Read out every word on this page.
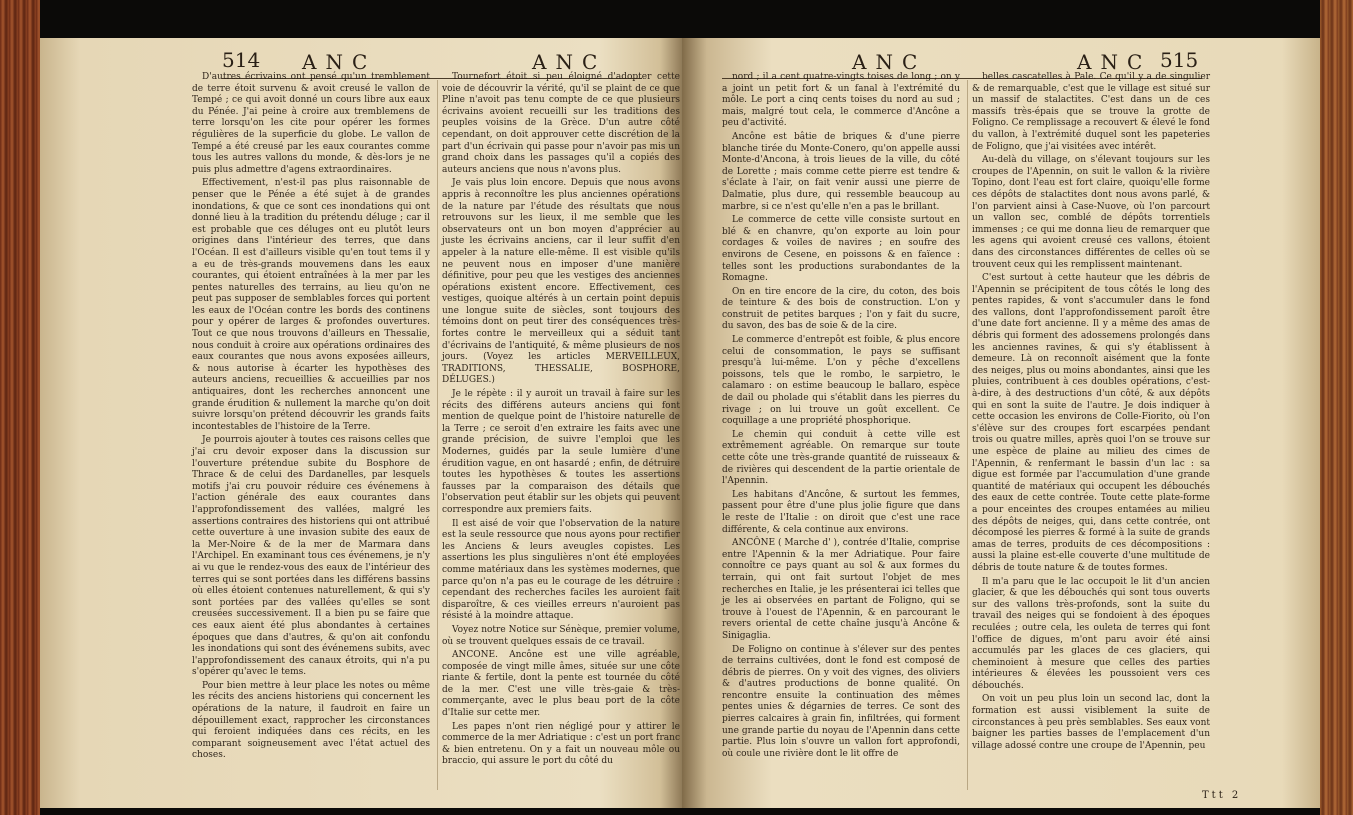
514 ANC	ANC

D'autres écrivains ont pensé qu'un tremblement de terre étoit survenu & avoit creusé le vallon de Tempé ; ce qui avoit donné un cours libre aux eaux du Pénée. J'ai peine à croire aux tremblemens de terre lorsqu'on les cite pour opérer les formes régulières de la superficie du globe. Le vallon de Tempé a été creusé par les eaux courantes comme tous les autres vallons du monde, & dès-lors je ne puis plus admettre d'agens extraordinaires.

Effectivement, n'est-il pas plus raisonnable de penser que le Pénée a été sujet à de grandes inondations, & que ce sont ces inondations qui ont donné lieu à la tradition du prétendu déluge ; car il est probable que ces déluges ont eu plutôt leurs origines dans l'intérieur des terres, que dans l'Océan. Il est d'ailleurs visible qu'en tout tems il y a eu de très-grands mouvemens dans les eaux courantes, qui étoient entraînées à la mer par les pentes naturelles des terrains, au lieu qu'on ne peut pas supposer de semblables forces qui portent les eaux de l'Océan contre les bords des continens pour y opérer de larges & profondes ouvertures. Tout ce que nous trouvons d'ailleurs en Thessalie, nous conduit à croire aux opérations ordinaires des eaux courantes que nous avons exposées ailleurs, & nous autorise à écarter les hypothèses des auteurs anciens, recueillies & accueillies par nos antiquaires, dont les recherches annoncent une grande érudition & nullement la marche qu'on doit suivre lorsqu'on prétend découvrir les grands faits incontestables de l'histoire de la Terre.

Je pourrois ajouter à toutes ces raisons celles que j'ai cru devoir exposer dans la discussion sur l'ouverture prétendue subite du Bosphore de Thrace & de celui des Dardanelles, par lesquels motifs j'ai cru pouvoir réduire ces événemens à l'action générale des eaux courantes dans l'approfondissement des vallées, malgré les assertions contraires des historiens qui ont attribué cette ouverture à une invasion subite des eaux de la Mer-Noire & de la mer de Marmara dans l'Archipel. En examinant tous ces événemens, je n'y ai vu que le rendez-vous des eaux de l'intérieur des terres qui se sont portées dans les différens bassins où elles étoient contenues naturellement, & qui s'y sont portées par des vallées qu'elles se sont creusées successivement. Il a bien pu se faire que ces eaux aient été plus abondantes à certaines époques que dans d'autres, & qu'on ait confondu les inondations qui sont des événemens subits, avec l'approfondissement des canaux étroits, qui n'a pu s'opérer qu'avec le tems.

Pour bien mettre à leur place les notes ou même les récits des anciens historiens qui concernent les opérations de la nature, il faudroit en faire un dépouillement exact, rapprocher les circonstances qui feroient indiquées dans ces récits, en les comparant soigneusement avec l'état actuel des choses.

Tournefort étoit si peu éloigné d'adopter cette voie de découvrir la vérité, qu'il se plaint de ce que Pline n'avoit pas tenu compte de ce que plusieurs écrivains avoient recueilli sur les traditions des peuples voisins de la Grèce. D'un autre côté cependant, on doit approuver cette discrétion de la part d'un écrivain qui passe pour n'avoir pas mis un grand choix dans les passages qu'il a copiés des auteurs anciens que nous n'avons plus.

Je vais plus loin encore. Depuis que nous avons appris à reconnoître les plus anciennes opérations de la nature par l'étude des résultats que nous retrouvons sur les lieux, il me semble que les observateurs ont un bon moyen d'apprécier au juste les écrivains anciens, car il leur suffit d'en appeler à la nature elle-même. Il est visible qu'ils ne peuvent nous en imposer d'une manière définitive, pour peu que les vestiges des anciennes opérations existent encore. Effectivement, ces vestiges, quoique altérés à un certain point depuis une longue suite de siècles, sont toujours des témoins dont on peut tirer des conséquences très-fortes contre le merveilleux qui a séduit tant d'écrivains de l'antiquité, & même plusieurs de nos jours. (Voyez les articles MERVEILLEUX, TRADITIONS, THESSALIE, BOSPHORE, DÉLUGES.)

Je le répète : il y auroit un travail à faire sur les récits des différens auteurs anciens qui font mention de quelque point de l'histoire naturelle de la Terre ; ce seroit d'en extraire les faits avec une grande précision, de suivre l'emploi que les Modernes, guidés par la seule lumière d'une érudition vague, en ont hasardé ; enfin, de détruire toutes les hypothèses & toutes les assertions fausses par la comparaison des détails que l'observation peut établir sur les objets qui peuvent correspondre aux premiers faits.

Il est aisé de voir que l'observation de la nature est la seule ressource que nous ayons pour rectifier les Anciens & leurs aveugles copistes. Les assertions les plus singulières n'ont été employées comme matériaux dans les systèmes modernes, que parce qu'on n'a pas eu le courage de les détruire : cependant des recherches faciles les auroient fait disparoître, & ces vieilles erreurs n'auroient pas résisté à la moindre attaque.

Voyez notre Notice sur Sénèque, premier volume, où se trouvent quelques essais de ce travail.

ANCONE. Ancône est une ville agréable, composée de vingt mille âmes, située sur une côte riante & fertile, dont la pente est tournée du côté de la mer. C'est une ville très-gaie & très-commerçante, avec le plus beau port de la côte d'Italie sur cette mer.

Les papes n'ont rien négligé pour y attirer le commerce de la mer Adriatique : c'est un port franc & bien entretenu. On y a fait un nouveau môle ou braccio, qui assure le port du côté du

ANC	ANC 515

nord ; il a cent quatre-vingts toises de long ; on y a joint un petit fort & un fanal à l'extrémité du môle. Le port a cinq cents toises du nord au sud ; mais, malgré tout cela, le commerce d'Ancône a peu d'activité.

Ancône est bâtie de briques & d'une pierre blanche tirée du Monte-Conero, qu'on appelle aussi Monte-d'Ancona, à trois lieues de la ville, du côté de Lorette ; mais comme cette pierre est tendre & s'éclate à l'air, on fait venir aussi une pierre de Dalmatie, plus dure, qui ressemble beaucoup au marbre, si ce n'est qu'elle n'en a pas le brillant.

Le commerce de cette ville consiste surtout en blé & en chanvre, qu'on exporte au loin pour cordages & voiles de navires ; en soufre des environs de Cesene, en poissons & en faïence : telles sont les productions surabondantes de la Romagne.

On en tire encore de la cire, du coton, des bois de teinture & des bois de construction. L'on y construit de petites barques ; l'on y fait du sucre, du savon, des bas de soie & de la cire.

Le commerce d'entrepôt est foible, & plus encore celui de consommation, le pays se suffisant presqu'à lui-même. L'on y pêche d'excellens poissons, tels que le rombo, le sarpietro, le calamaro : on estime beaucoup le ballaro, espèce de dail ou pholade qui s'établit dans les pierres du rivage ; on lui trouve un goût excellent. Ce coquillage a une propriété phosphorique.

Le chemin qui conduit à cette ville est extrêmement agréable. On remarque sur toute cette côte une très-grande quantité de ruisseaux & de rivières qui descendent de la partie orientale de l'Apennin.

Les habitans d'Ancône, & surtout les femmes, passent pour être d'une plus jolie figure que dans le reste de l'Italie : on diroit que c'est une race différente, & cela continue aux environs.

ANCÔNE ( Marche d' ), contrée d'Italie, comprise entre l'Apennin & la mer Adriatique. Pour faire connoître ce pays quant au sol & aux formes du terrain, qui ont fait surtout l'objet de mes recherches en Italie, je les présenterai ici telles que je les ai observées en partant de Foligno, qui se trouve à l'ouest de l'Apennin, & en parcourant le revers oriental de cette chaîne jusqu'à Ancône & Sinigaglia.

De Foligno on continue à s'élever sur des pentes de terrains cultivées, dont le fond est composé de débris de pierres. On y voit des vignes, des oliviers & d'autres productions de bonne qualité. On rencontre ensuite la continuation des mêmes pentes unies & dégarnies de terres. Ce sont des pierres calcaires à grain fin, infiltrées, qui forment une grande partie du noyau de l'Apennin dans cette partie. Plus loin s'ouvre un vallon fort approfondi, où coule une rivière dont le lit offre de

belles cascatelles à Pale. Ce qu'il y a de singulier & de remarquable, c'est que le village est situé sur un massif de stalactites. C'est dans un de ces massifs très-épais que se trouve la grotte de Foligno. Ce remplissage a recouvert & élevé le fond du vallon, à l'extrémité duquel sont les papeteries de Foligno, que j'ai visitées avec intérêt.

Au-delà du village, on s'élevant toujours sur les croupes de l'Apennin, on suit le vallon & la rivière Topino, dont l'eau est fort claire, quoiqu'elle forme ces dépôts de stalactites dont nous avons parlé, & l'on parvient ainsi à Case-Nuove, où l'on parcourt un vallon sec, comblé de dépôts torrentiels immenses ; ce qui me donna lieu de remarquer que les agens qui avoient creusé ces vallons, étoient dans des circonstances différentes de celles où se trouvent ceux qui les remplissent maintenant.

C'est surtout à cette hauteur que les débris de l'Apennin se précipitent de tous côtés le long des pentes rapides, & vont s'accumuler dans le fond des vallons, dont l'approfondissement paroît être d'une date fort ancienne. Il y a même des amas de débris qui forment des adossemens prolongés dans les anciennes ravines, & qui s'y établissent à demeure. Là on reconnoît aisément que la fonte des neiges, plus ou moins abondantes, ainsi que les pluies, contribuent à ces doubles opérations, c'est-à-dire, à des destructions d'un côté, & aux dépôts qui en sont la suite de l'autre. Je dois indiquer à cette occasion les environs de Colle-Fiorito, où l'on s'élève sur des croupes fort escarpées pendant trois ou quatre milles, après quoi l'on se trouve sur une espèce de plaine au milieu des cimes de l'Apennin, & renfermant le bassin d'un lac : sa digue est formée par l'accumulation d'une grande quantité de matériaux qui occupent les débouchés des eaux de cette contrée. Toute cette plate-forme a pour enceintes des croupes entamées au milieu des dépôts de neiges, qui, dans cette contrée, ont décomposé les pierres & formé à la suite de grands amas de terres, produits de ces décompositions : aussi la plaine est-elle couverte d'une multitude de débris de toute nature & de toutes formes.

Il m'a paru que le lac occupoit le lit d'un ancien glacier, & que les débouchés qui sont tous ouverts sur des vallons très-profonds, sont la suite du travail des neiges qui se fondoient à des époques reculées ; outre cela, les ouleta de terres qui font l'office de digues, m'ont paru avoir été ainsi accumulés par les glaces de ces glaciers, qui cheminoient à mesure que celles des parties intérieures & élevées les poussoient vers ces débouchés.

On voit un peu plus loin un second lac, dont la formation est aussi visiblement la suite de circonstances à peu près semblables. Ses eaux vont baigner les parties basses de l'emplacement d'un village adossé contre une croupe de l'Apennin, peu

Ttt 2
